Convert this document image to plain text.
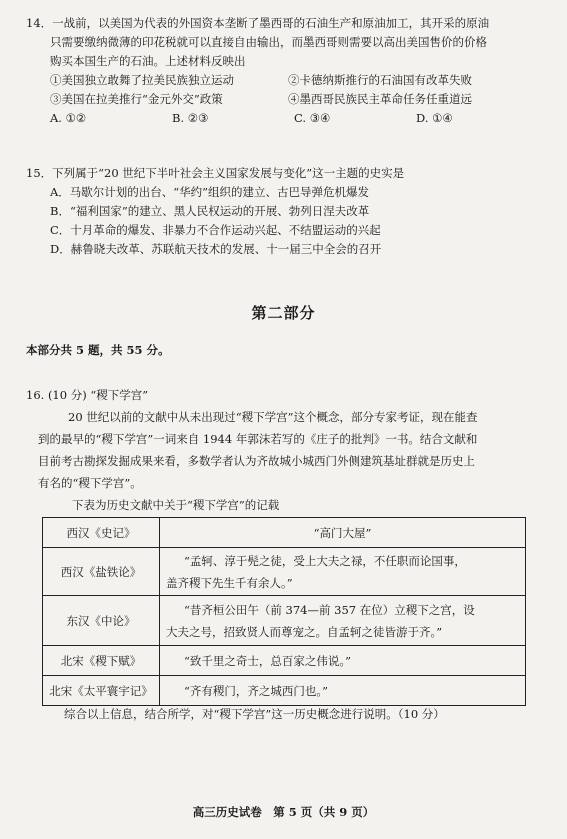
14．一战前，以美国为代表的外国资本垄断了墨西哥的石油生产和原油加工，其开采的原油
只需要缴纳微薄的印花税就可以直接自由输出，而墨西哥则需要以高出美国售价的价格
购买本国生产的石油。上述材料反映出
①美国独立敢舞了拉美民族独立运动	②卡德纳斯推行的石油国有改革失败
③美国在拉美推行“金元外交”政策	④墨西哥民族民主革命任务任重道远
A. ①②	B. ②③	C. ③④	D. ①④
15．下列属于“20 世纪下半叶社会主义国家发展与变化”这一主题的史实是
A．马歇尔计划的出台、“华约”组织的建立、古巴导弹危机爆发
B．“福利国家”的建立、黑人民权运动的开展、勃列日涅夫改革
C．十月革命的爆发、非暴力不合作运动兴起、不结盟运动的兴起
D．赫鲁晓夫改革、苏联航天技术的发展、十一届三中全会的召开
第二部分
本部分共 5 题，共 55 分。
16. (10 分) “稷下学宫”
20 世纪以前的文献中从未出现过“稷下学宫”这个概念，部分专家考证，现在能查
到的最早的“稷下学宫”一词来自 1944 年郭沫若写的《庄子的批判》一书。结合文献和
目前考古勘探发掘成果来看，多数学者认为齐故城小城西门外侧建筑基址群就是历史上
有名的“稷下学宫”。
下表为历史文献中关于“稷下学宫”的记载
西汉《史记》	“高门大屋”
西汉《盐铁论》	“孟轲、淳于髡之徒，受上大夫之禄，不任职而论国事，
盖齐稷下先生千有余人。”

东汉《中论》	“昔齐桓公田午（前 374—前 357 在位）立稷下之宫，设
大夫之号，招致贤人而尊宠之。自孟轲之徒皆游于齐。”

北宋《稷下赋》	“致千里之奇士，总百家之伟说。”
北宋《太平寰宇记》	“齐有稷门，齐之城西门也。”
综合以上信息，结合所学，对“稷下学宫”这一历史概念进行说明。（10 分）
高三历史试卷　第 5 页（共 9 页）
